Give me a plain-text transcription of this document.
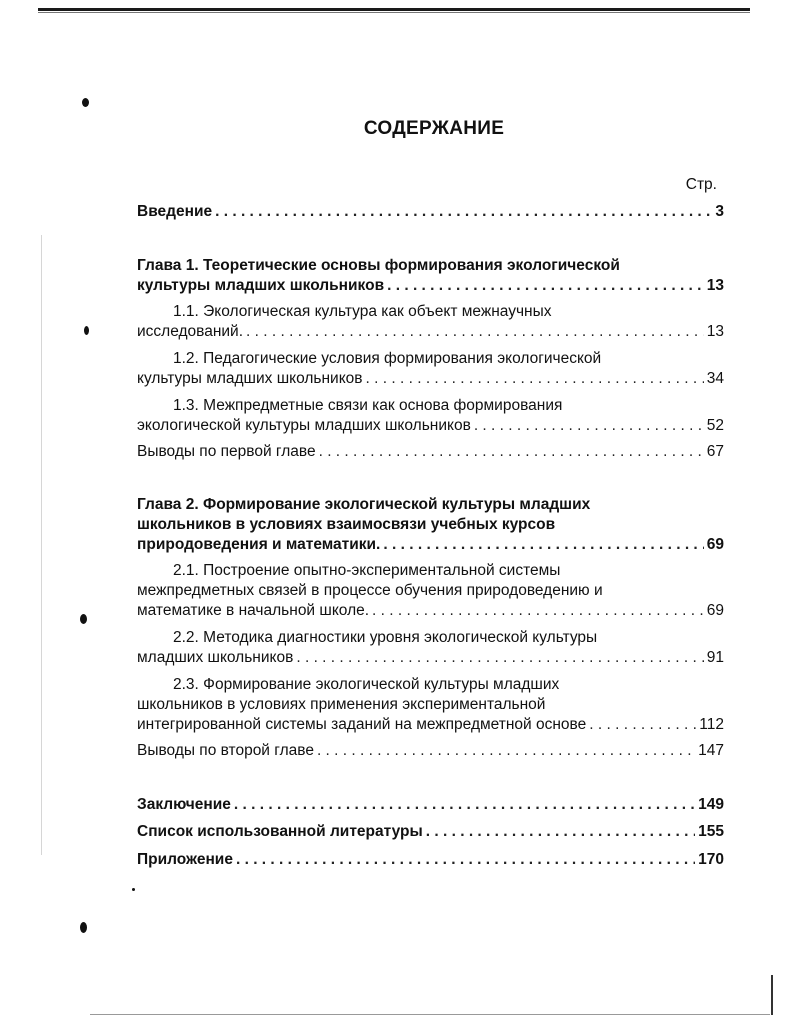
СОДЕРЖАНИЕ
Стр.
Введение . . .	3
Глава 1. Теоретические основы формирования экологической
культуры младших школьников . . .	13
1.1. Экологическая культура как объект межнаучных
исследований. . . .	13
1.2. Педагогические условия формирования экологической
культуры младших школьников . . .	34
1.3. Межпредметные связи как основа формирования
экологической культуры младших школьников . . .	52
Выводы по первой главе . . .	67
Глава 2. Формирование экологической культуры младших
школьников в условиях взаимосвязи учебных курсов
природоведения и математики. . . .	69
2.1. Построение опытно-экспериментальной системы
межпредметных связей в процессе обучения природоведению и
математике в начальной школе. . . .	69
2.2. Методика диагностики уровня экологической культуры
младших школьников . . .	91
2.3. Формирование экологической культуры младших
школьников в условиях применения экспериментальной
интегрированной системы заданий на межпредметной основе . . .	112
Выводы по второй главе . . .	147
Заключение . . .	149
Список использованной литературы . . .	155
Приложение . . .	170
